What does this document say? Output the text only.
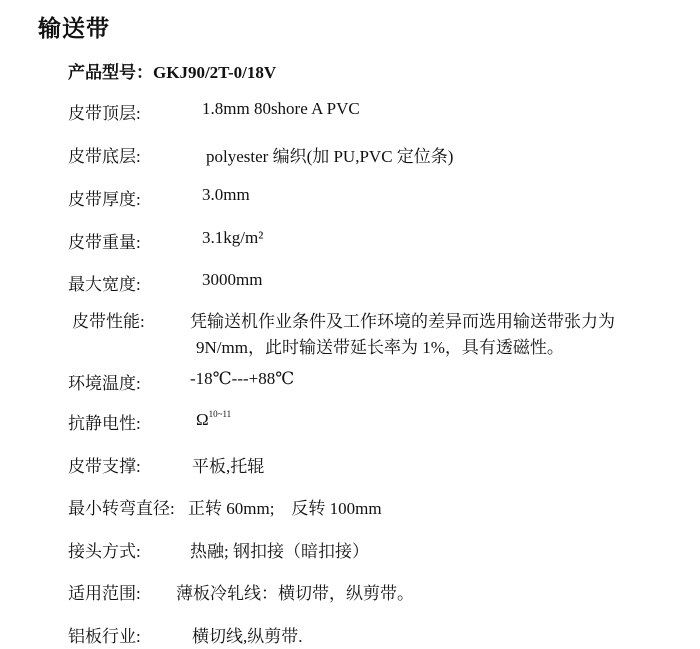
输送带
产品型号：GKJ90/2T-0/18V
皮带顶层:	1.8mm 80shore A PVC
皮带底层:	polyester 编织(加 PU,PVC 定位条)
皮带厚度:	3.0mm
皮带重量:	3.1kg/m²
最大宽度:	3000mm
皮带性能:	凭输送机作业条件及工作环境的差异而选用输送带张力为
9N/mm，此时输送带延长率为 1%，具有透磁性。
环境温度:	-18℃---+88℃
抗静电性:	$\Omega^{10\sim 11}$
皮带支撑:	平板,托辊
最小转弯直径: 正转 60mm;    反转 100mm
接头方式:	热融; 钢扣接（暗扣接）
适用范围: 薄板冷轧线：横切带，纵剪带。
铝板行业:	横切线,纵剪带.
